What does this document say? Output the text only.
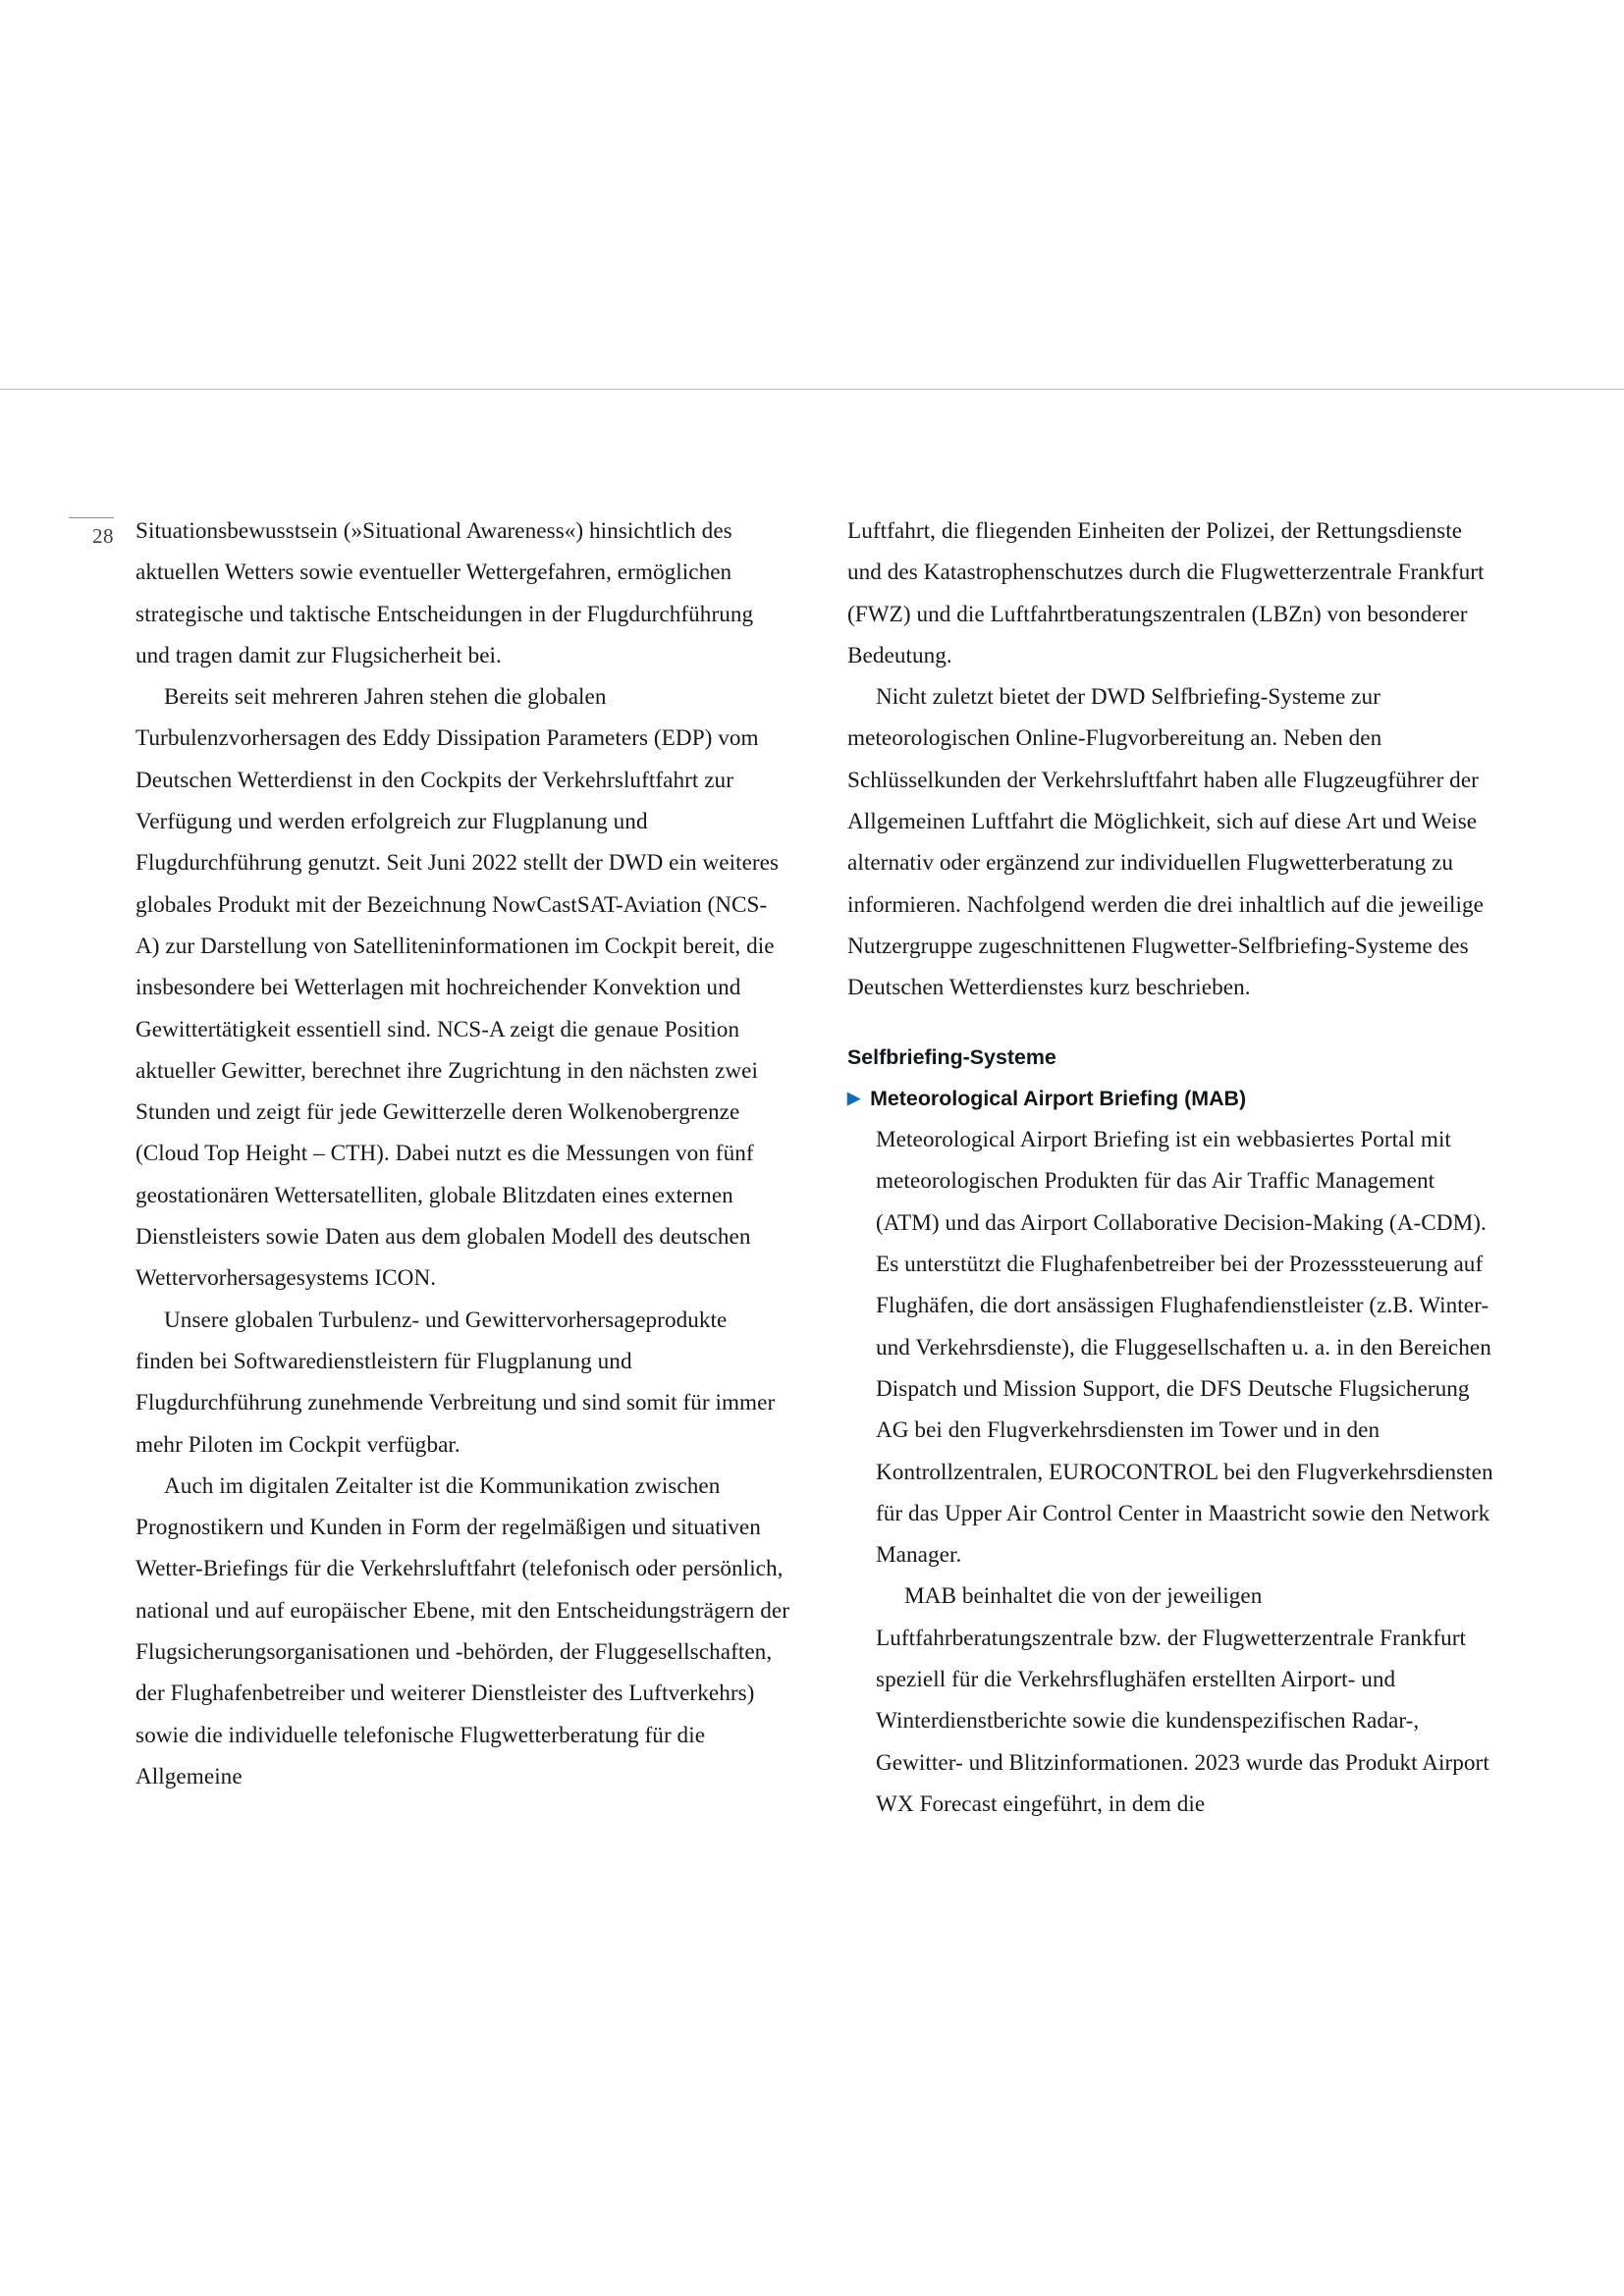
28 Situationsbewusstsein (»Situational Awareness«) hinsichtlich des aktuellen Wetters sowie eventueller Wettergefahren, ermöglichen strategische und taktische Entscheidungen in der Flugdurchführung und tragen damit zur Flugsicherheit bei.

Bereits seit mehreren Jahren stehen die globalen Turbulenzvorhersagen des Eddy Dissipation Parameters (EDP) vom Deutschen Wetterdienst in den Cockpits der Verkehrsluftfahrt zur Verfügung und werden erfolgreich zur Flugplanung und Flugdurchführung genutzt. Seit Juni 2022 stellt der DWD ein weiteres globales Produkt mit der Bezeichnung NowCastSAT-Aviation (NCS-A) zur Darstellung von Satelliteninformationen im Cockpit bereit, die insbesondere bei Wetterlagen mit hochreichender Konvektion und Gewittertätigkeit essentiell sind. NCS-A zeigt die genaue Position aktueller Gewitter, berechnet ihre Zugrichtung in den nächsten zwei Stunden und zeigt für jede Gewitterzelle deren Wolkenobergrenze (Cloud Top Height – CTH). Dabei nutzt es die Messungen von fünf geostationären Wettersatelliten, globale Blitzdaten eines externen Dienstleisters sowie Daten aus dem globalen Modell des deutschen Wettervorhersagesystems ICON.

Unsere globalen Turbulenz- und Gewittervorhersageprodukte finden bei Softwaredienstleistern für Flugplanung und Flugdurchführung zunehmende Verbreitung und sind somit für immer mehr Piloten im Cockpit verfügbar.

Auch im digitalen Zeitalter ist die Kommunikation zwischen Prognostikern und Kunden in Form der regelmäßigen und situativen Wetter-Briefings für die Verkehrsluftfahrt (telefonisch oder persönlich, national und auf europäischer Ebene, mit den Entscheidungsträgern der Flugsicherungsorganisationen und -behörden, der Fluggesellschaften, der Flughafenbetreiber und weiterer Dienstleister des Luftverkehrs) sowie die individuelle telefonische Flugwetterberatung für die Allgemeine

Luftfahrt, die fliegenden Einheiten der Polizei, der Rettungsdienste und des Katastrophenschutzes durch die Flugwetterzentrale Frankfurt (FWZ) und die Luftfahrtberatungszentralen (LBZn) von besonderer Bedeutung.

Nicht zuletzt bietet der DWD Selfbriefing-Systeme zur meteorologischen Online-Flugvorbereitung an. Neben den Schlüsselkunden der Verkehrsluftfahrt haben alle Flugzeugführer der Allgemeinen Luftfahrt die Möglichkeit, sich auf diese Art und Weise alternativ oder ergänzend zur individuellen Flugwetterberatung zu informieren. Nachfolgend werden die drei inhaltlich auf die jeweilige Nutzergruppe zugeschnittenen Flugwetter-Selfbriefing-Systeme des Deutschen Wetterdienstes kurz beschrieben.

Selfbriefing-Systeme
▶ Meteorological Airport Briefing (MAB)

Meteorological Airport Briefing ist ein webbasiertes Portal mit meteorologischen Produkten für das Air Traffic Management (ATM) und das Airport Collaborative Decision-Making (A-CDM). Es unterstützt die Flughafenbetreiber bei der Prozesssteuerung auf Flughäfen, die dort ansässigen Flughafendienstleister (z.B. Winter- und Verkehrsdienste), die Fluggesellschaften u. a. in den Bereichen Dispatch und Mission Support, die DFS Deutsche Flugsicherung AG bei den Flugverkehrsdiensten im Tower und in den Kontrollzentralen, EUROCONTROL bei den Flugverkehrsdiensten für das Upper Air Control Center in Maastricht sowie den Network Manager.

MAB beinhaltet die von der jeweiligen Luftfahrberatungszentrale bzw. der Flugwetterzentrale Frankfurt speziell für die Verkehrsflughäfen erstellten Airport- und Winterdienstberichte sowie die kundenspezifischen Radar-, Gewitter- und Blitzinformationen. 2023 wurde das Produkt Airport WX Forecast eingeführt, in dem die
